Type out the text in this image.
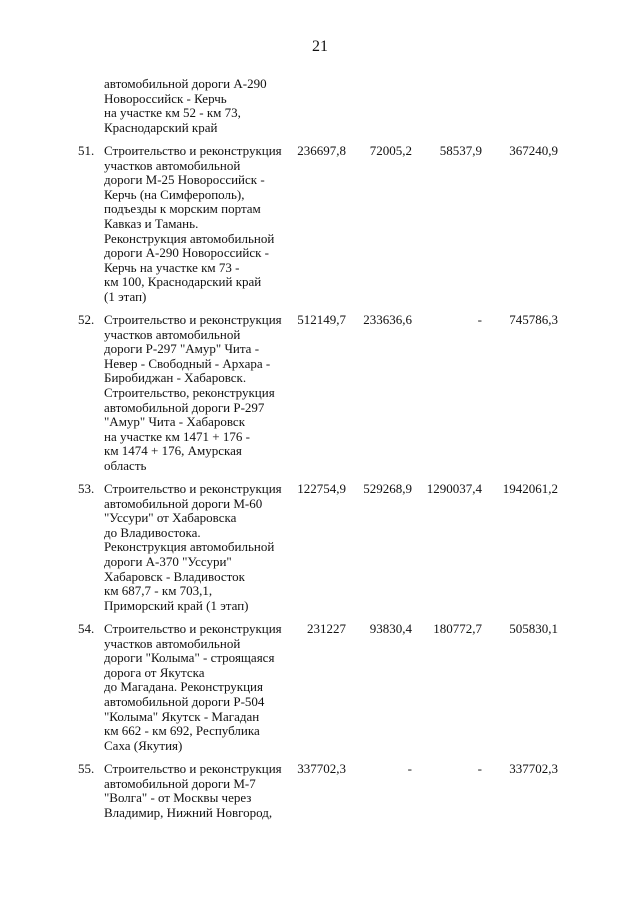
21
автомобильной дороги А-290
Новороссийск - Керчь
на участке км 52 - км 73,
Краснодарский край
51. Строительство и реконструкция
участков автомобильной
дороги М-25 Новороссийск -
Керчь (на Симферополь),
подъезды к морским портам
Кавказ и Тамань.
Реконструкция автомобильной
дороги А-290 Новороссийск -
Керчь на участке км 73 -
км 100, Краснодарский край
(1 этап)
236697,8	72005,2	58537,9	367240,9
52. Строительство и реконструкция
участков автомобильной
дороги Р-297 "Амур" Чита -
Невер - Свободный - Архара -
Биробиджан - Хабаровск.
Строительство, реконструкция
автомобильной дороги Р-297
"Амур" Чита - Хабаровск
на участке км 1471 + 176 -
км 1474 + 176, Амурская
область
512149,7	233636,6	-	745786,3
53. Строительство и реконструкция
автомобильной дороги М-60
"Уссури" от Хабаровска
до Владивостока.
Реконструкция автомобильной
дороги А-370 "Уссури"
Хабаровск - Владивосток
км 687,7 - км 703,1,
Приморский край (1 этап)
122754,9	529268,9	1290037,4	1942061,2
54. Строительство и реконструкция
участков автомобильной
дороги "Колыма" - строящаяся
дорога от Якутска
до Магадана. Реконструкция
автомобильной дороги Р-504
"Колыма" Якутск - Магадан
км 662 - км 692, Республика
Саха (Якутия)
231227	93830,4	180772,7	505830,1
55. Строительство и реконструкция
автомобильной дороги М-7
"Волга" - от Москвы через
Владимир, Нижний Новгород,
337702,3	-	-	337702,3
